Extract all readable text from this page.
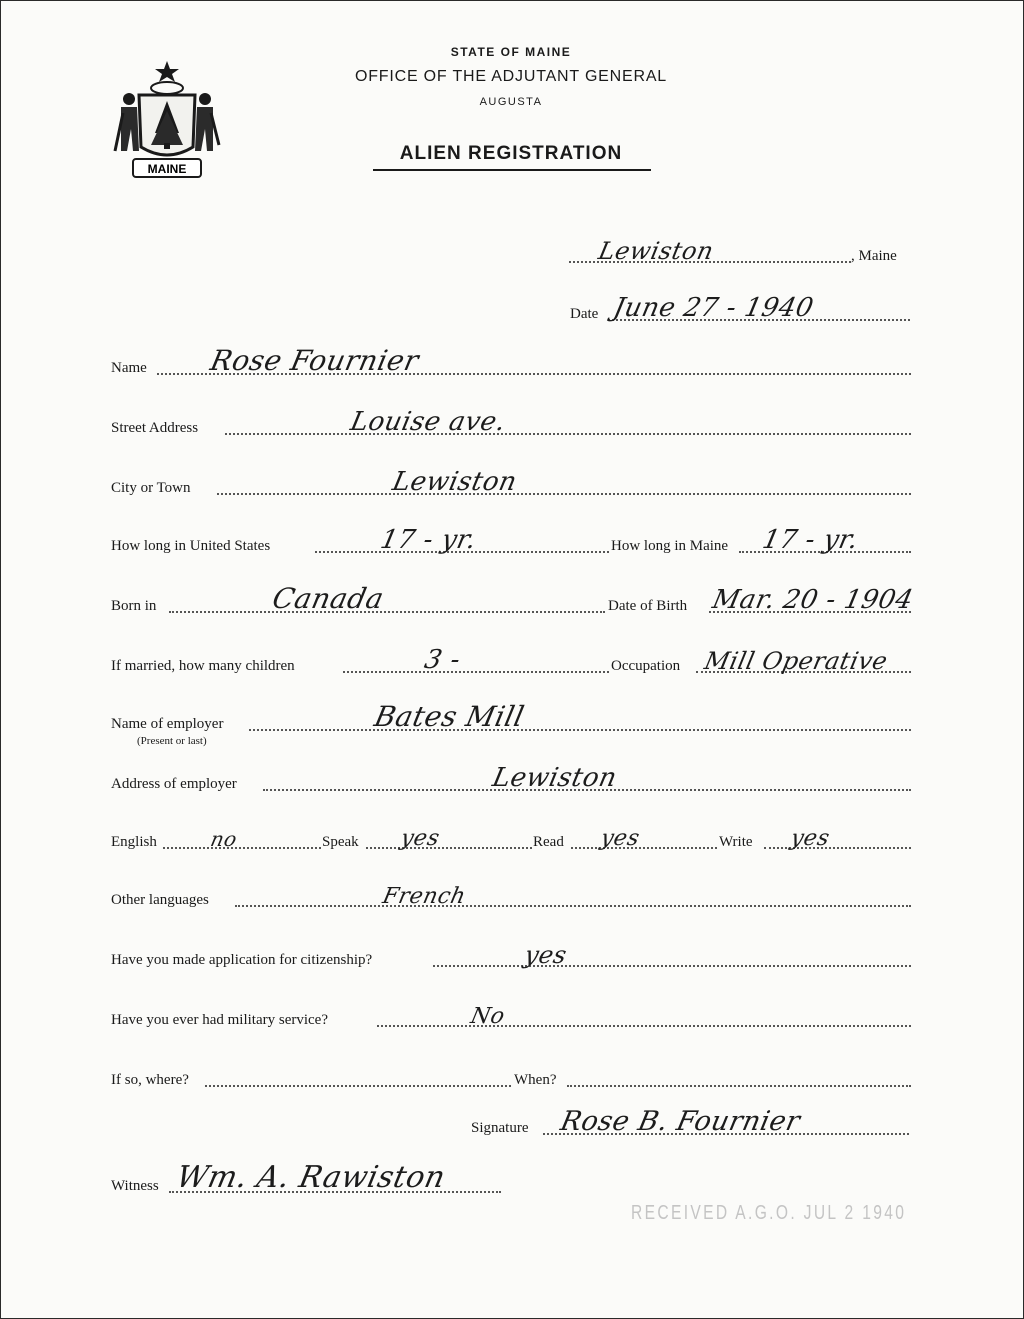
MAINE
STATE OF MAINE
OFFICE OF THE ADJUTANT GENERAL
AUGUSTA
ALIEN REGISTRATION
Lewiston	, Maine
Date June 27 - 1940
Name Rose Fournier
Street Address	Louise ave.
City or Town	Lewiston
How long in United States	17 - yr.	How long in Maine 17 - yr.
Born in	Canada	Date of Birth Mar. 20 - 1904
If married, how many children	3 -	Occupation Mill Operative
Name of employer	Bates Mill
(Present or last)
Address of employer	Lewiston
English	no	Speak yes	Read yes	Write yes
Other languages	French
Have you made application for citizenship?	yes
Have you ever had military service?	No
If so, where?	When?
Signature Rose B. Fournier
Witness Wm. A. Rawiston
RECEIVED A.G.O. JUL 2 1940
